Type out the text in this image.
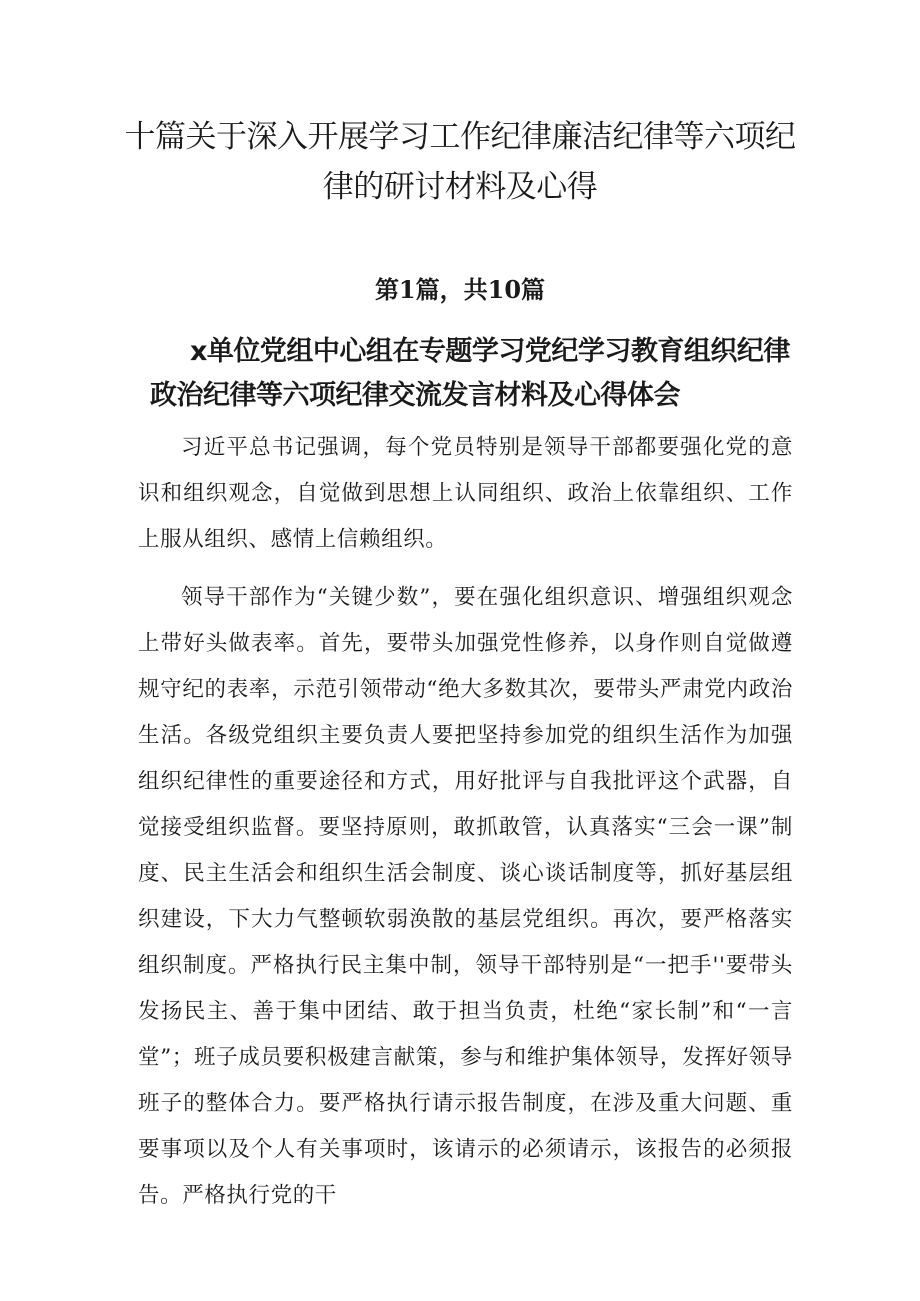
十篇关于深入开展学习工作纪律廉洁纪律等六项纪律的研讨材料及心得
第1篇，共10篇
x单位党组中心组在专题学习党纪学习教育组织纪律
政治纪律等六项纪律交流发言材料及心得体会

习近平总书记强调，每个党员特别是领导干部都要强化党的意识和组织观念，自觉做到思想上认同组织、政治上依靠组织、工作上服从组织、感情上信赖组织。

领导干部作为“关键少数”，要在强化组织意识、增强组织观念上带好头做表率。首先，要带头加强党性修养，以身作则自觉做遵规守纪的表率，示范引领带动“绝大多数其次，要带头严肃党内政治生活。各级党组织主要负责人要把坚持参加党的组织生活作为加强组织纪律性的重要途径和方式，用好批评与自我批评这个武器，自觉接受组织监督。要坚持原则，敢抓敢管，认真落实“三会一课”制度、民主生活会和组织生活会制度、谈心谈话制度等，抓好基层组织建设，下大力气整顿软弱涣散的基层党组织。再次，要严格落实组织制度。严格执行民主集中制，领导干部特别是“一把手''要带头发扬民主、善于集中团结、敢于担当负责，杜绝“家长制”和“一言堂”；班子成员要积极建言献策，参与和维护集体领导，发挥好领导班子的整体合力。要严格执行请示报告制度，在涉及重大问题、重要事项以及个人有关事项时，该请示的必须请示，该报告的必须报告。严格执行党的干
